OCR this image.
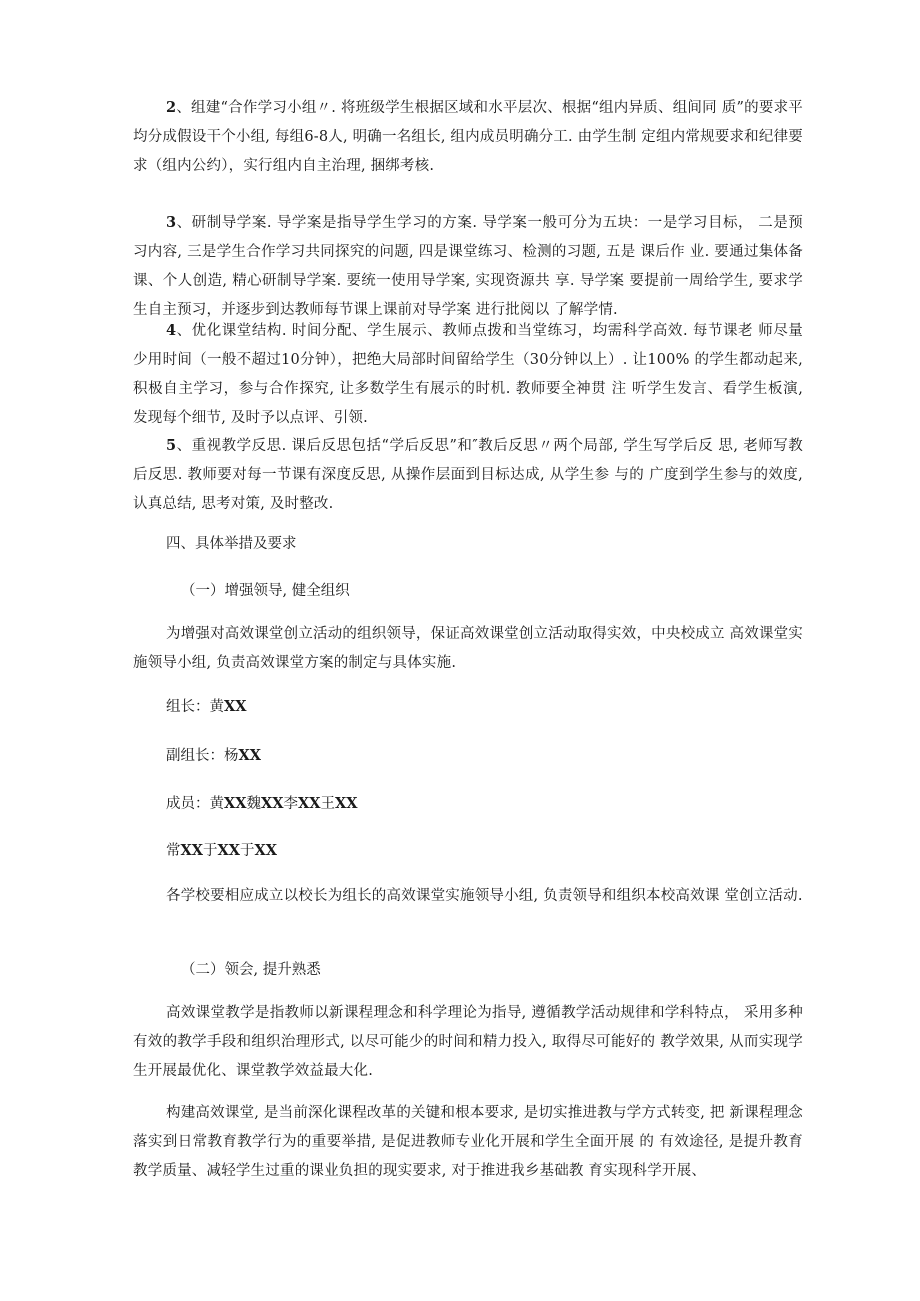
2、组建“合作学习小组〃. 将班级学生根据区域和水平层次、根据“组内异质、组间同 质”的要求平均分成假设干个小组, 每组6-8人, 明确一名组长, 组内成员明确分工. 由学生制 定组内常规要求和纪律要求（组内公约），实行组内自主治理, 捆绑考核.

3、研制导学案. 导学案是指导学生学习的方案. 导学案一般可分为五块：一是学习目标， 二是预习内容, 三是学生合作学习共同探究的问题, 四是课堂练习、检测的习题, 五是 课后作 业. 要通过集体备课、个人创造, 精心研制导学案. 要统一使用导学案, 实现资源共 享. 导学案 要提前一周给学生, 要求学生自主预习，并逐步到达教师每节课上课前对导学案 进行批阅以 了解学情.

4、优化课堂结构. 时间分配、学生展示、教师点拨和当堂练习，均需科学高效. 每节课老 师尽量少用时间（一般不超过10分钟），把绝大局部时间留给学生（30分钟以上）. 让100% 的学生都动起来, 积极自主学习，参与合作探究, 让多数学生有展示的时机. 教师要全神贯 注 听学生发言、看学生板演, 发现每个细节, 及时予以点评、引领.

5、重视教学反思. 课后反思包括“学后反思”和″教后反思〃两个局部, 学生写学后反 思, 老师写教后反思. 教师要对每一节课有深度反思, 从操作层面到目标达成, 从学生参 与的 广度到学生参与的效度, 认真总结, 思考对策, 及时整改.

四、具体举措及要求

（一）增强领导, 健全组织

为增强对高效课堂创立活动的组织领导，保证高效课堂创立活动取得实效，中央校成立 高效课堂实施领导小组, 负责高效课堂方案的制定与具体实施.

组长：黄XX

副组长：杨XX

成员：黄XX魏XX李XX王XX

常XX于XX于XX

各学校要相应成立以校长为组长的高效课堂实施领导小组, 负责领导和组织本校高效课 堂创立活动.

（二）领会, 提升熟悉

高效课堂教学是指教师以新课程理念和科学理论为指导, 遵循教学活动规律和学科特点， 采用多种有效的教学手段和组织治理形式, 以尽可能少的时间和精力投入, 取得尽可能好的 教学效果, 从而实现学生开展最优化、课堂教学效益最大化.

构建高效课堂, 是当前深化课程改革的关键和根本要求, 是切实推进教与学方式转变, 把 新课程理念落实到日常教育教学行为的重要举措, 是促进教师专业化开展和学生全面开展 的 有效途径, 是提升教育教学质量、减轻学生过重的课业负担的现实要求, 对于推进我乡基础教 育实现科学开展、
